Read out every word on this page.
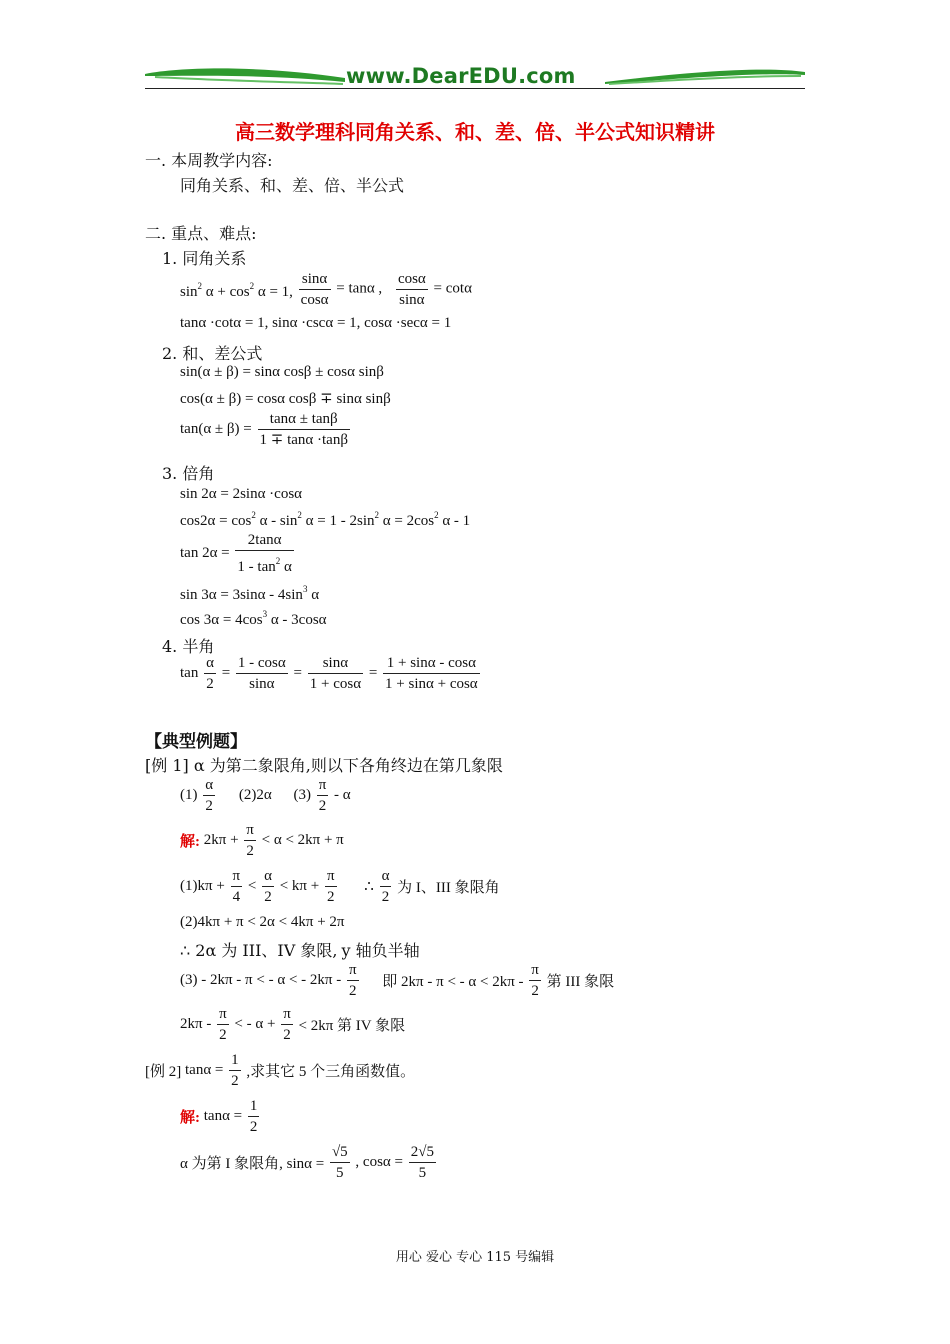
www.DearEDU.com
高三数学理科同角关系、和、差、倍、半公式知识精讲
一. 本周教学内容:
同角关系、和、差、倍、半公式
二. 重点、难点:
1. 同角关系
$\sin^2 \alpha + \cos^2 \alpha = 1$, $\frac{\sin\alpha}{\cos\alpha} = \tan\alpha$ , $\frac{\cos\alpha}{\sin\alpha} = \cot\alpha$
tanα ·cotα = 1, sinα ·cscα = 1, cosα ·secα = 1
2. 和、差公式
sin(α ± β) = sinα cosβ ± cosα sinβ
cos(α ± β) = cosα cosβ ∓ sinα sinβ
$\tan(\alpha \pm \beta) = \frac{\tan\alpha \pm \tan\beta}{1 \mp \tan\alpha \cdot\tan\beta}$
3. 倍角
sin 2α = 2sinα ·cosα
$\cos 2\alpha = \cos^2 \alpha - \sin^2 \alpha = 1 - 2\sin^2$ $\alpha = 2\cos^2$ α - 1
$\tan 2\alpha = \frac{2\tan\alpha}{1 - \tan^2 \alpha}$
$\sin 3\alpha = 3\sin\alpha - 4\sin^3$ α
$\cos 3\alpha = 4\cos^3$ α - 3cosα
4. 半角
$\tan \frac{\alpha}{2} = \frac{1 - \cos\alpha}{\sin\alpha} = \frac{\sin\alpha}{1 + \cos\alpha} = \frac{1 + \sin\alpha - \cos\alpha}{1 + \sin\alpha + \cos\alpha}$
【典型例题】
[例 1] α 为第二象限角,则以下各角终边在第几象限
$(1) \frac{\alpha}{2} (2)2\alpha$ $(3) \frac{\pi}{2}$ - α
解: $2k\pi + \frac{\pi}{2} < \alpha < 2k\pi + \pi$
$(1)k\pi + \frac{\pi}{4} < \frac{\alpha}{2} < k\pi + \frac{\pi}{2}$ ∴ $\frac{\alpha}{2}$ 为 I、III 象限角
(2)4kπ + π < 2α < 4kπ + 2π
∴ 2α 为 III、IV 象限, y 轴负半轴
(3) - 2kπ - π < - α < - $2k\pi - \frac{\pi}{2}$ 即 2kπ - π < - $\alpha < 2k\pi - \frac{\pi}{2}$ 第 III 象限
$2k\pi - \frac{\pi}{2}$ < - $\alpha + \frac{\pi}{2} < 2k\pi$ 第 IV 象限
[例 2] $\tan\alpha = \frac{1}{2}$ ,求其它 5 个三角函数值。
解: $\tan\alpha = \frac{1}{2}$
α 为第 I 象限角, $\sin\alpha = \frac{√5}{5}$ , $\cos\alpha = \frac{2√5}{5}$
用心 爱心 专心 115 号编辑
